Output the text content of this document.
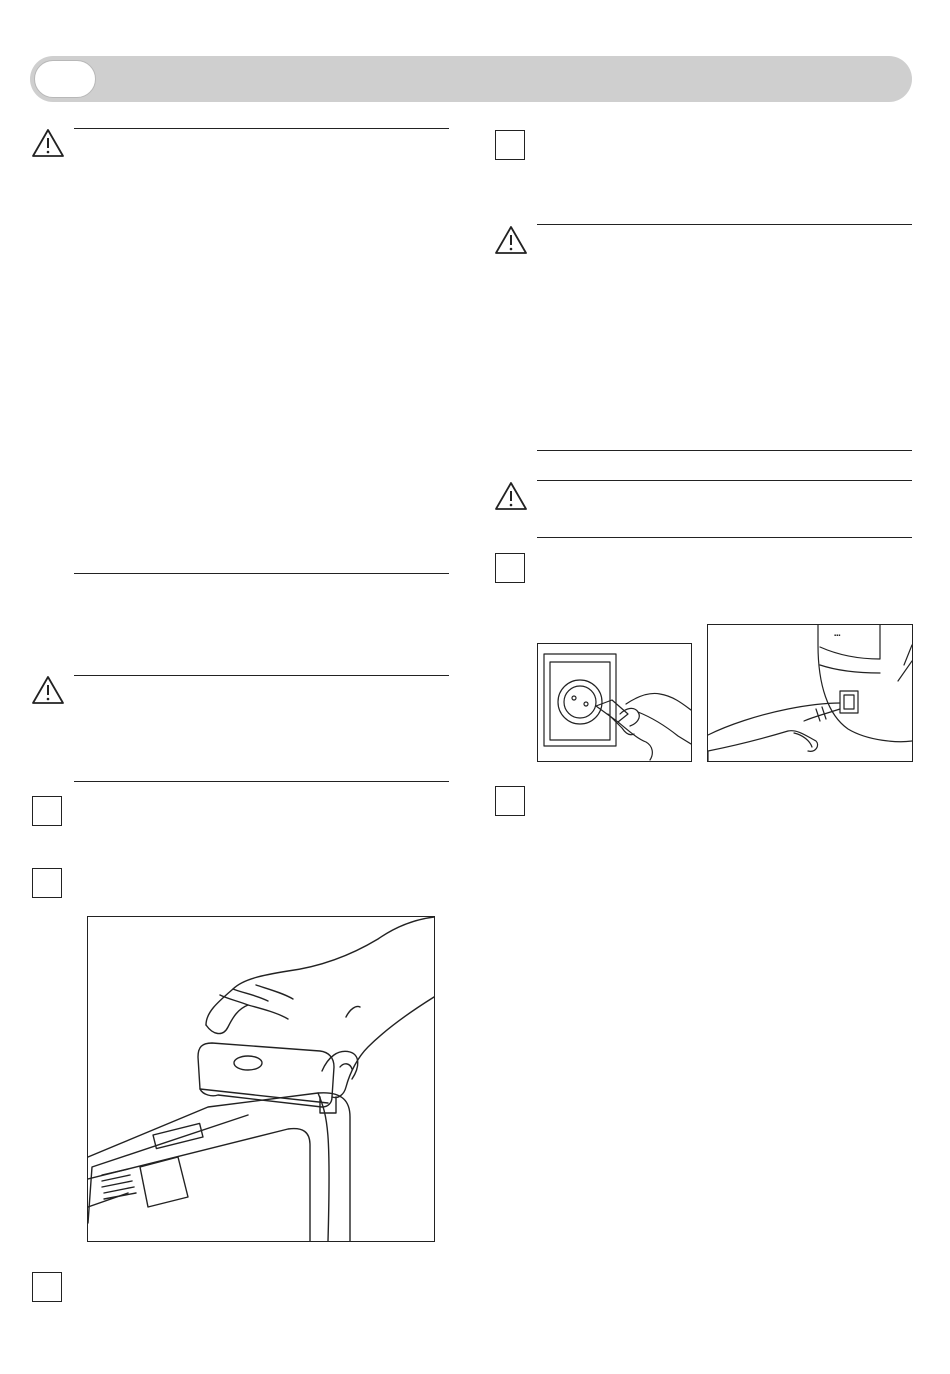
▪▪▪
